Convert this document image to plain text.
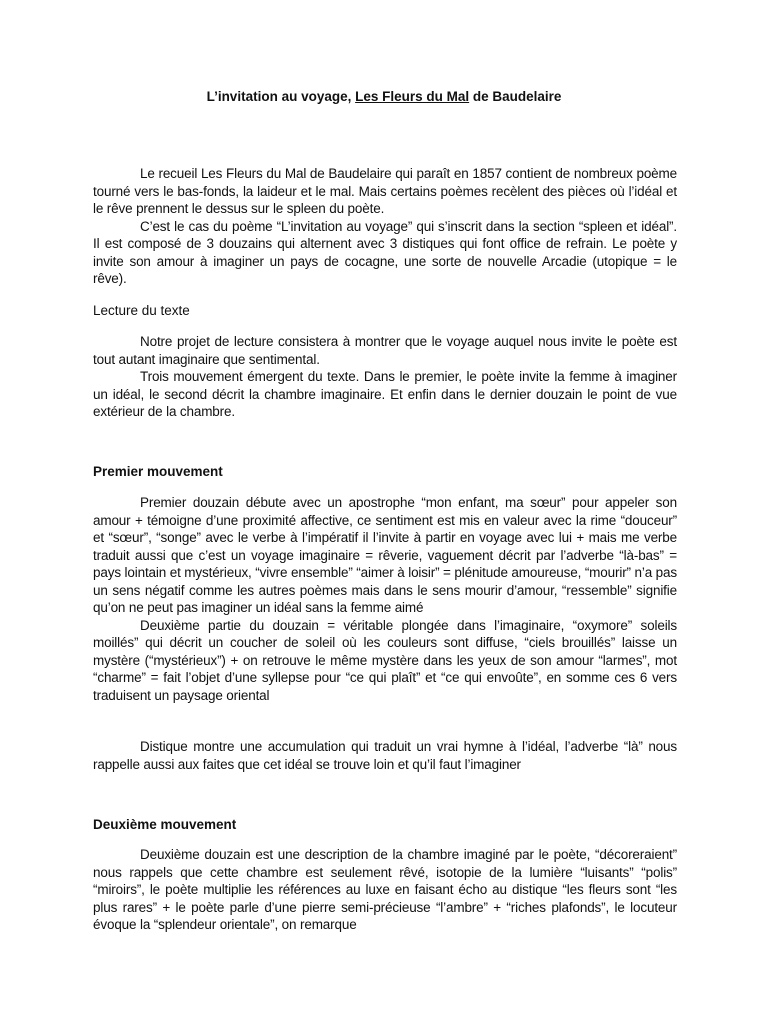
L’invitation au voyage, Les Fleurs du Mal de Baudelaire

Le recueil Les Fleurs du Mal de Baudelaire qui paraît en 1857 contient de nombreux poème tourné vers le bas-fonds, la laideur et le mal. Mais certains poèmes recèlent des pièces où l’idéal et le rêve prennent le dessus sur le spleen du poète.

C’est le cas du poème “L’invitation au voyage” qui s’inscrit dans la section “spleen et idéal”. Il est composé de 3 douzains qui alternent avec 3 distiques qui font office de refrain. Le poète y invite son amour à imaginer un pays de cocagne, une sorte de nouvelle Arcadie (utopique = le rêve).

Lecture du texte

Notre projet de lecture consistera à montrer que le voyage auquel nous invite le poète est tout autant imaginaire que sentimental.

Trois mouvement émergent du texte. Dans le premier, le poète invite la femme à imaginer un idéal, le second décrit la chambre imaginaire. Et enfin dans le dernier douzain le point de vue extérieur de la chambre.

Premier mouvement

Premier douzain débute avec un apostrophe “mon enfant, ma sœur” pour appeler son amour + témoigne d’une proximité affective, ce sentiment est mis en valeur avec la rime “douceur” et “sœur”, “songe” avec le verbe à l’impératif il l’invite à partir en voyage avec lui + mais me verbe traduit aussi que c’est un voyage imaginaire = rêverie, vaguement décrit par l’adverbe “là-bas” = pays lointain et mystérieux, “vivre ensemble” “aimer à loisir” = plénitude amoureuse, “mourir” n’a pas un sens négatif comme les autres poèmes mais dans le sens mourir d’amour, “ressemble” signifie qu’on ne peut pas imaginer un idéal sans la femme aimé

Deuxième partie du douzain = véritable plongée dans l’imaginaire, “oxymore” soleils moillés” qui décrit un coucher de soleil où les couleurs sont diffuse, “ciels brouillés” laisse un mystère (“mystérieux”) + on retrouve le même mystère dans les yeux de son amour “larmes”, mot “charme” = fait l’objet d’une syllepse pour “ce qui plaît” et “ce qui envoûte”, en somme ces 6 vers traduisent un paysage oriental

Distique montre une accumulation qui traduit un vrai hymne à l’idéal, l’adverbe “là” nous rappelle aussi aux faites que cet idéal se trouve loin et qu’il faut l’imaginer

Deuxième mouvement

Deuxième douzain est une description de la chambre imaginé par le poète, “décoreraient” nous rappels que cette chambre est seulement rêvé, isotopie de la lumière “luisants” “polis” “miroirs”, le poète multiplie les références au luxe en faisant écho au distique “les fleurs sont “les plus rares” + le poète parle d’une pierre semi-précieuse “l’ambre” + “riches plafonds”, le locuteur évoque la “splendeur orientale”, on remarque
